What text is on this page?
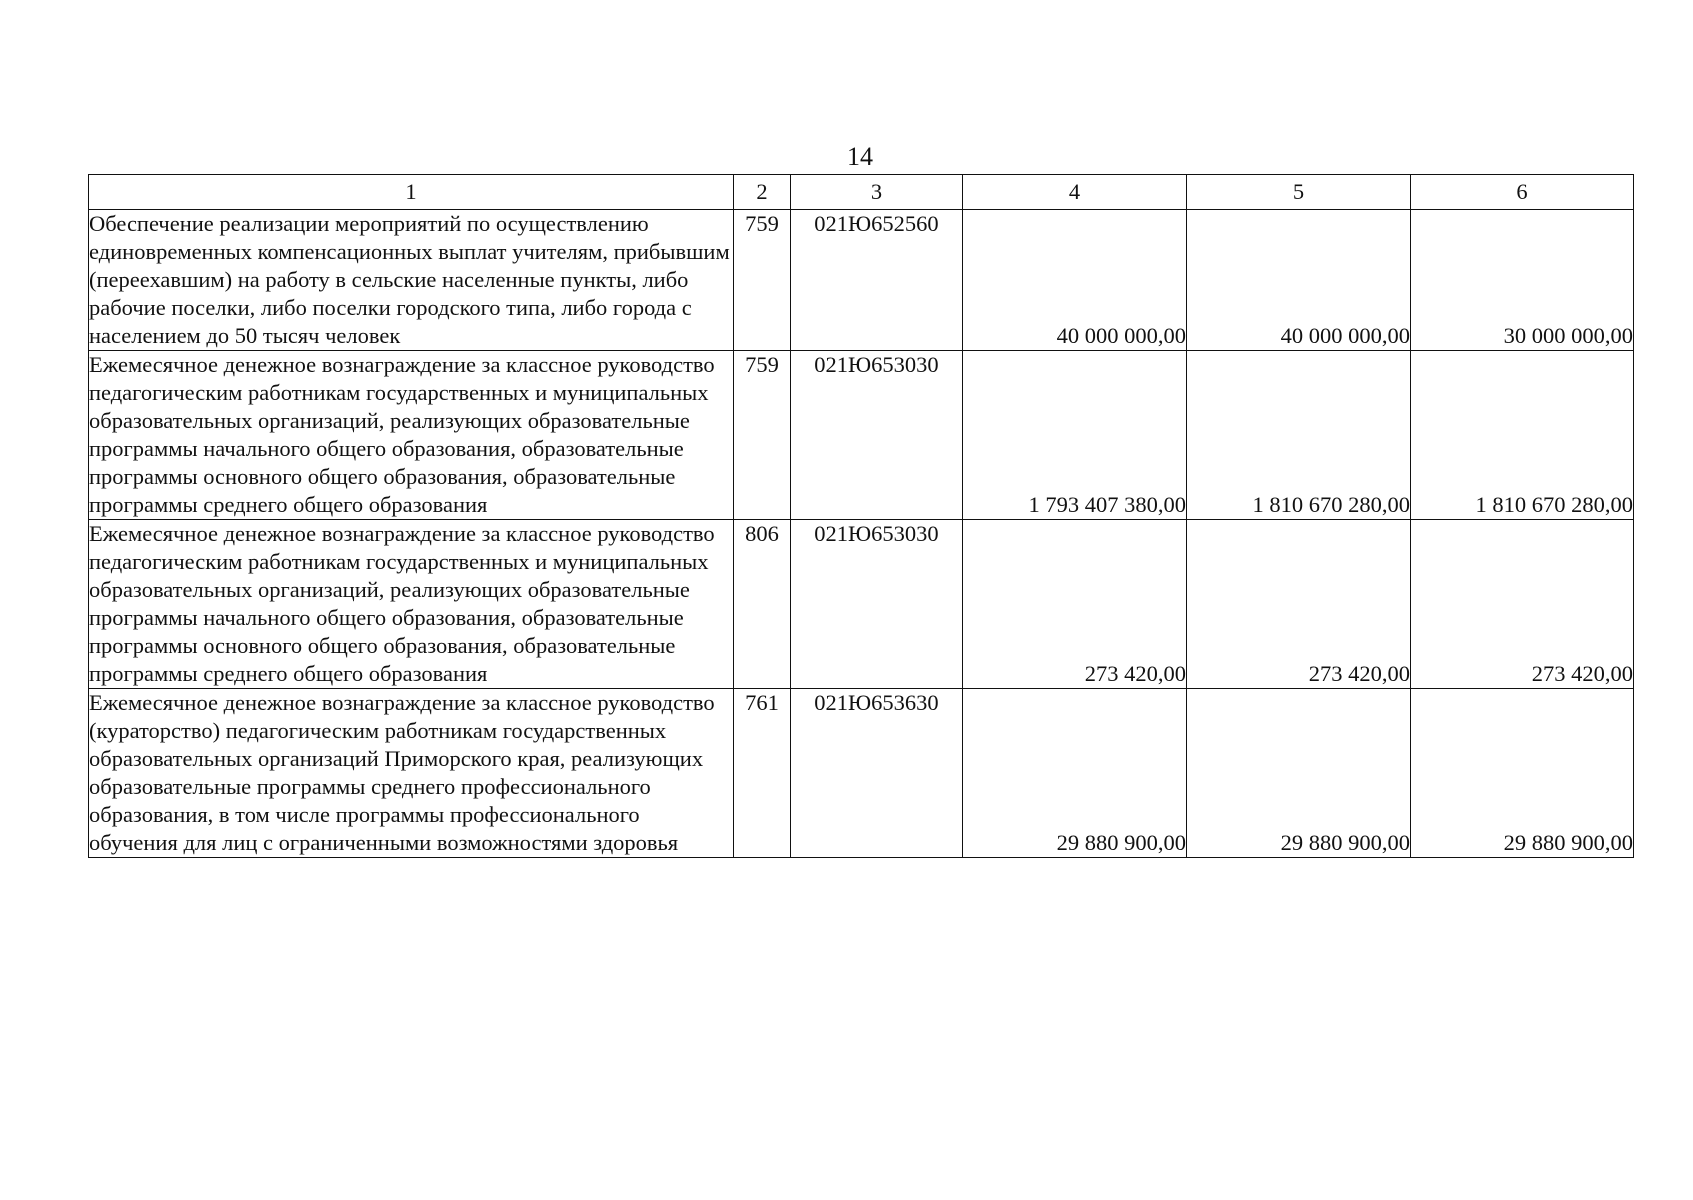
14
1	2	3	4	5	6
Обеспечение реализации мероприятий по осуществлению единовременных компенсационных выплат учителям, прибывшим (переехавшим) на работу в сельские населенные пункты, либо рабочие поселки, либо поселки городского типа, либо города с населением до 50 тысяч человек	759	021Ю652560	40 000 000,00	40 000 000,00	30 000 000,00
Ежемесячное денежное вознаграждение за классное руководство педагогическим работникам государственных и муниципальных образовательных организаций, реализующих образовательные программы начального общего образования, образовательные программы основного общего образования, образовательные программы среднего общего образования	759	021Ю653030	1 793 407 380,00	1 810 670 280,00	1 810 670 280,00
Ежемесячное денежное вознаграждение за классное руководство педагогическим работникам государственных и муниципальных образовательных организаций, реализующих образовательные программы начального общего образования, образовательные программы основного общего образования, образовательные программы среднего общего образования	806	021Ю653030	273 420,00	273 420,00	273 420,00
Ежемесячное денежное вознаграждение за классное руководство (кураторство) педагогическим работникам государственных образовательных организаций Приморского края, реализующих образовательные программы среднего профессионального образования, в том числе программы профессионального обучения для лиц с ограниченными возможностями здоровья	761	021Ю653630	29 880 900,00	29 880 900,00	29 880 900,00
